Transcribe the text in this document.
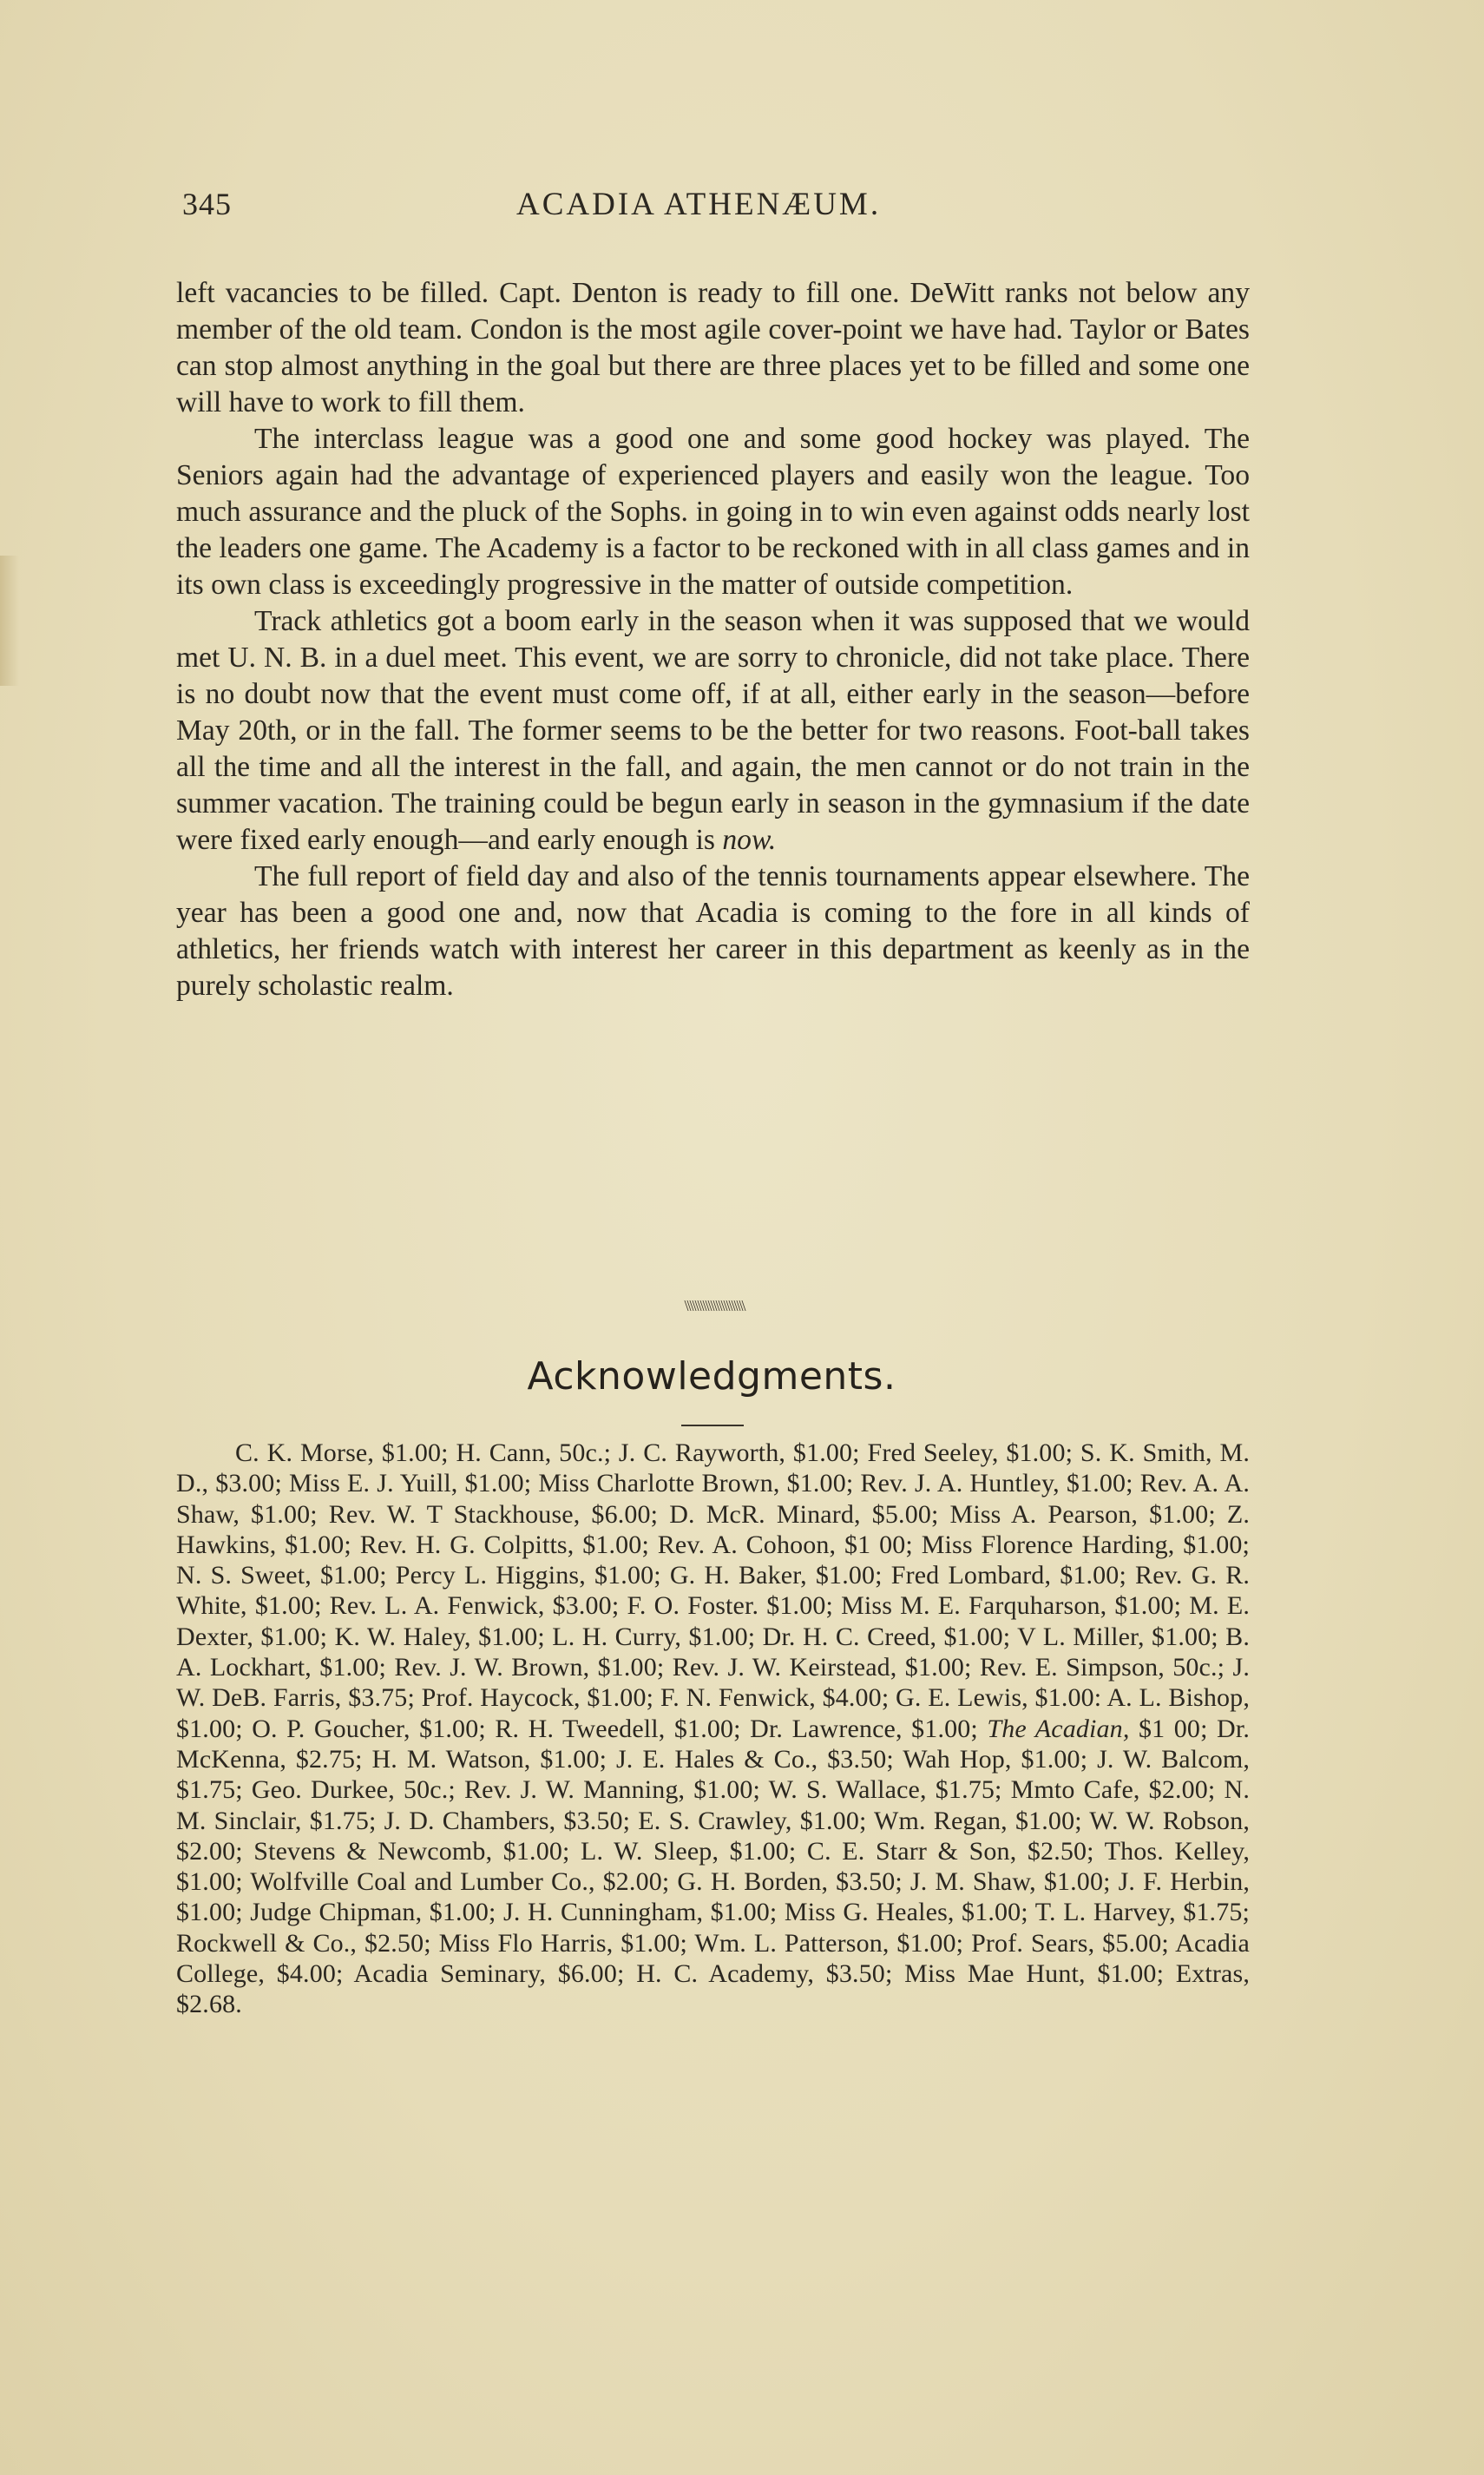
345	ACADIA ATHENÆUM.

left vacancies to be filled. Capt. Denton is ready to fill one. DeWitt ranks not below any member of the old team. Condon is the most agile cover-point we have had. Taylor or Bates can stop almost anything in the goal but there are three places yet to be filled and some one will have to work to fill them.

The interclass league was a good one and some good hockey was played. The Seniors again had the advantage of experienced players and easily won the league. Too much assurance and the pluck of the Sophs. in going in to win even against odds nearly lost the leaders one game. The Academy is a factor to be reckoned with in all class games and in its own class is exceedingly progressive in the matter of outside competition.

Track athletics got a boom early in the season when it was supposed that we would met U. N. B. in a duel meet. This event, we are sorry to chronicle, did not take place. There is no doubt now that the event must come off, if at all, either early in the season—before May 20th, or in the fall. The former seems to be the better for two reasons. Foot-ball takes all the time and all the interest in the fall, and again, the men cannot or do not train in the summer vacation. The training could be begun early in season in the gymnasium if the date were fixed early enough—and early enough is now.

The full report of field day and also of the tennis tournaments appear elsewhere. The year has been a good one and, now that Acadia is coming to the fore in all kinds of athletics, her friends watch with interest her career in this department as keenly as in the purely scholastic realm.

\\\\\\\\\\\\\\\\\\\\\\\
Acknowledgments.

C. K. Morse, $1.00; H. Cann, 50c.; J. C. Rayworth, $1.00; Fred Seeley, $1.00; S. K. Smith, M. D., $3.00; Miss E. J. Yuill, $1.00; Miss Charlotte Brown, $1.00; Rev. J. A. Huntley, $1.00; Rev. A. A. Shaw, $1.00; Rev. W. T Stackhouse, $6.00; D. McR. Minard, $5.00; Miss A. Pearson, $1.00; Z. Hawkins, $1.00; Rev. H. G. Colpitts, $1.00; Rev. A. Cohoon, $1 00; Miss Florence Harding, $1.00; N. S. Sweet, $1.00; Percy L. Higgins, $1.00; G. H. Baker, $1.00; Fred Lombard, $1.00; Rev. G. R. White, $1.00; Rev. L. A. Fenwick, $3.00; F. O. Foster. $1.00; Miss M. E. Farquharson, $1.00; M. E. Dexter, $1.00; K. W. Haley, $1.00; L. H. Curry, $1.00; Dr. H. C. Creed, $1.00; V L. Miller, $1.00; B. A. Lockhart, $1.00; Rev. J. W. Brown, $1.00; Rev. J. W. Keirstead, $1.00; Rev. E. Simpson, 50c.; J. W. DeB. Farris, $3.75; Prof. Haycock, $1.00; F. N. Fenwick, $4.00; G. E. Lewis, $1.00: A. L. Bishop, $1.00; O. P. Goucher, $1.00; R. H. Tweedell, $1.00; Dr. Lawrence, $1.00; The Acadian, $1 00; Dr. McKenna, $2.75; H. M. Watson, $1.00; J. E. Hales & Co., $3.50; Wah Hop, $1.00; J. W. Balcom, $1.75; Geo. Durkee, 50c.; Rev. J. W. Manning, $1.00; W. S. Wallace, $1.75; Mmto Cafe, $2.00; N. M. Sinclair, $1.75; J. D. Chambers, $3.50; E. S. Crawley, $1.00; Wm. Regan, $1.00; W. W. Robson, $2.00; Stevens & Newcomb, $1.00; L. W. Sleep, $1.00; C. E. Starr & Son, $2.50; Thos. Kelley, $1.00; Wolfville Coal and Lumber Co., $2.00; G. H. Borden, $3.50; J. M. Shaw, $1.00; J. F. Herbin, $1.00; Judge Chipman, $1.00; J. H. Cunningham, $1.00; Miss G. Heales, $1.00; T. L. Harvey, $1.75; Rockwell & Co., $2.50; Miss Flo Harris, $1.00; Wm. L. Patterson, $1.00; Prof. Sears, $5.00; Acadia College, $4.00; Acadia Seminary, $6.00; H. C. Academy, $3.50; Miss Mae Hunt, $1.00; Extras, $2.68.
